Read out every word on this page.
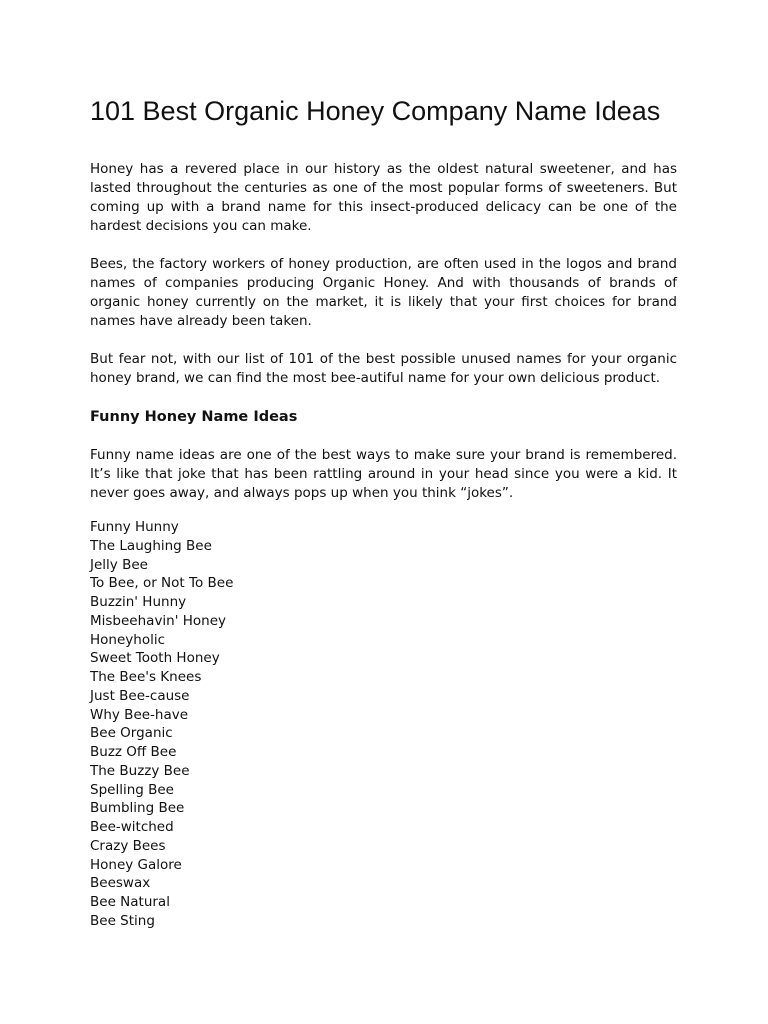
101 Best Organic Honey Company Name Ideas

Honey has a revered place in our history as the oldest natural sweetener, and has lasted throughout the centuries as one of the most popular forms of sweeteners. But coming up with a brand name for this insect-produced delicacy can be one of the hardest decisions you can make.

Bees, the factory workers of honey production, are often used in the logos and brand names of companies producing Organic Honey. And with thousands of brands of organic honey currently on the market, it is likely that your first choices for brand names have already been taken.

But fear not, with our list of 101 of the best possible unused names for your organic honey brand, we can find the most bee-autiful name for your own delicious product.

Funny Honey Name Ideas

Funny name ideas are one of the best ways to make sure your brand is remembered. It’s like that joke that has been rattling around in your head since you were a kid. It never goes away, and always pops up when you think “jokes”.

Funny Hunny
The Laughing Bee
Jelly Bee
To Bee, or Not To Bee
Buzzin' Hunny
Misbeehavin' Honey
Honeyholic
Sweet Tooth Honey
The Bee's Knees
Just Bee-cause
Why Bee-have
Bee Organic
Buzz Off Bee
The Buzzy Bee
Spelling Bee
Bumbling Bee
Bee-witched
Crazy Bees
Honey Galore
Beeswax
Bee Natural
Bee Sting
